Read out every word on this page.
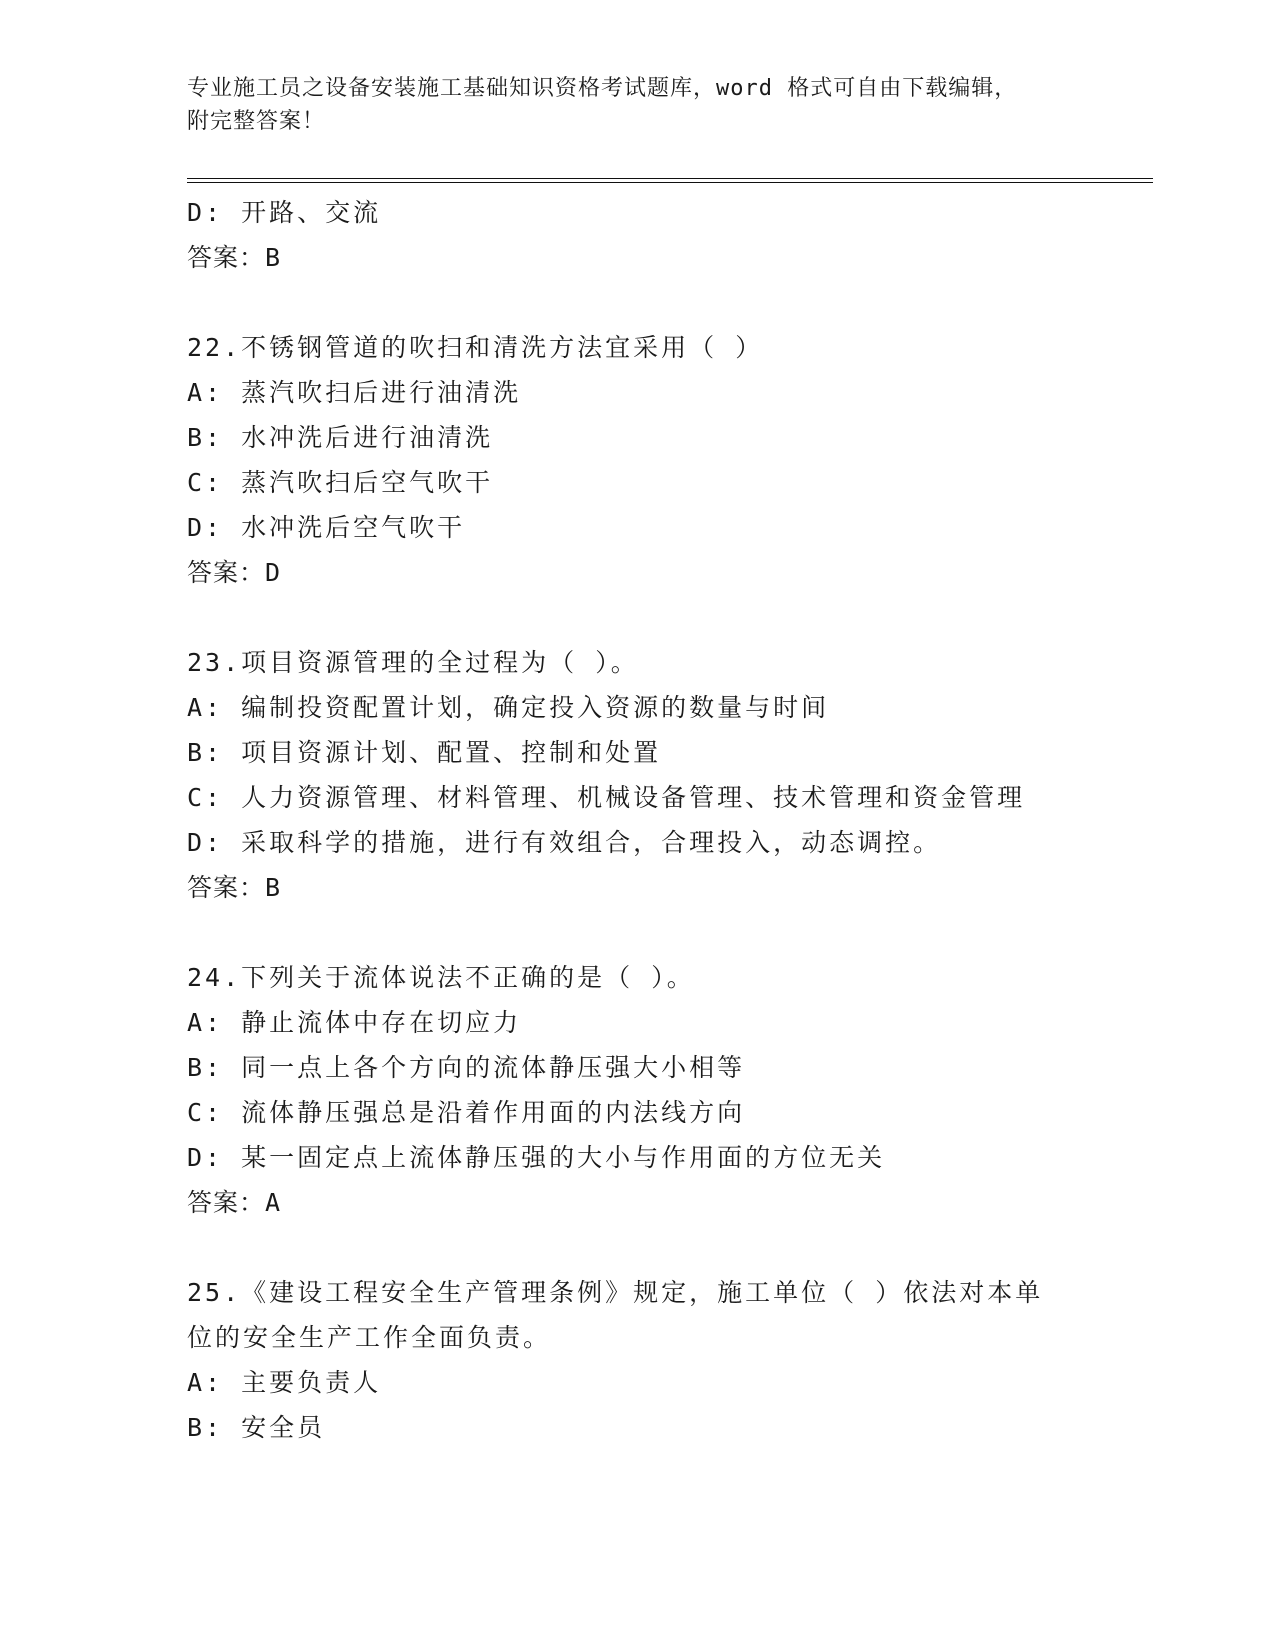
专业施工员之设备安装施工基础知识资格考试题库，word 格式可自由下载编辑，
附完整答案！
D: 开路、交流
答案：B
22.不锈钢管道的吹扫和清洗方法宜采用（ ）
A: 蒸汽吹扫后进行油清洗
B: 水冲洗后进行油清洗
C: 蒸汽吹扫后空气吹干
D: 水冲洗后空气吹干
答案：D
23.项目资源管理的全过程为（ ）。
A: 编制投资配置计划，确定投入资源的数量与时间
B: 项目资源计划、配置、控制和处置
C: 人力资源管理、材料管理、机械设备管理、技术管理和资金管理
D: 采取科学的措施，进行有效组合，合理投入，动态调控。
答案：B
24.下列关于流体说法不正确的是（ ）。
A: 静止流体中存在切应力
B: 同一点上各个方向的流体静压强大小相等
C: 流体静压强总是沿着作用面的内法线方向
D: 某一固定点上流体静压强的大小与作用面的方位无关
答案：A
25.《建设工程安全生产管理条例》规定，施工单位（ ）依法对本单
位的安全生产工作全面负责。
A: 主要负责人
B: 安全员
